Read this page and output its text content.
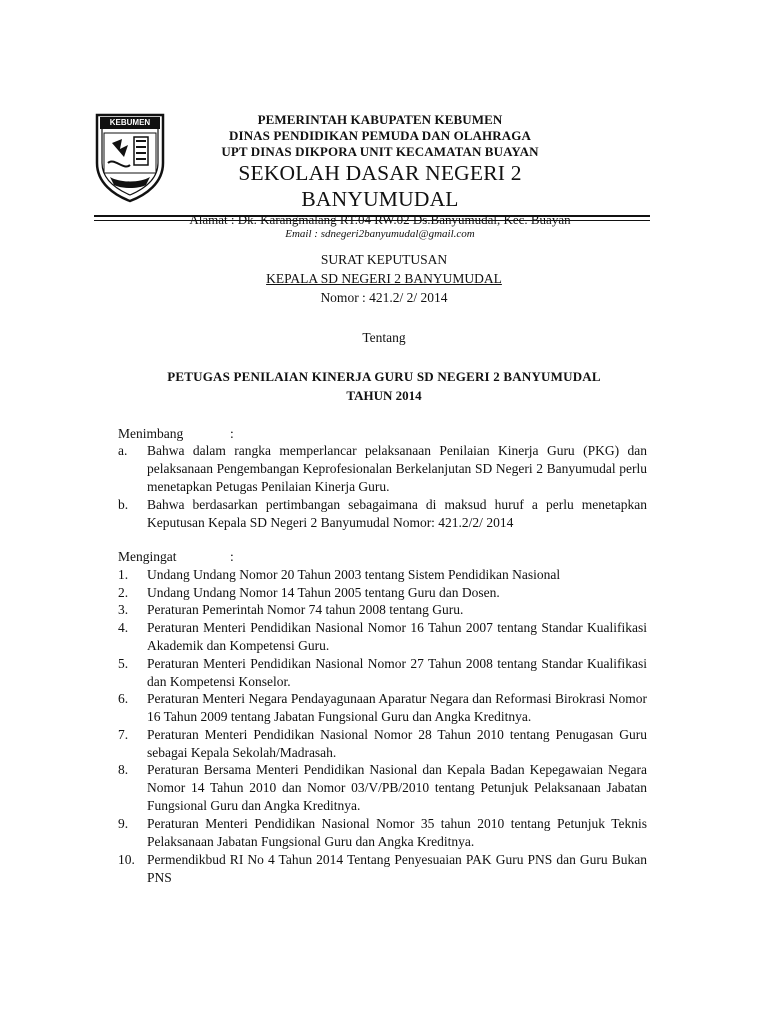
KEBUMEN	PEMERINTAH KABUPATEN KEBUMEN
DINAS PENDIDIKAN PEMUDA DAN OLAHRAGA
UPT DINAS DIKPORA UNIT KECAMATAN BUAYAN
SEKOLAH DASAR NEGERI 2 BANYUMUDAL
Alamat : Dk. Karangmalang RT.04 RW.02 Ds.Banyumudal, Kec. Buayan
Email : sdnegeri2banyumudal@gmail.com
SURAT KEPUTUSAN
KEPALA SD NEGERI 2 BANYUMUDAL
Nomor : 421.2/ 2/ 2014
Tentang
PETUGAS PENILAIAN KINERJA GURU SD NEGERI 2 BANYUMUDAL
TAHUN 2014
Menimbang	:
a. Bahwa dalam rangka memperlancar pelaksanaan Penilaian Kinerja Guru (PKG) dan pelaksanaan Pengembangan Keprofesionalan Berkelanjutan SD Negeri 2 Banyumudal perlu menetapkan Petugas Penilaian Kinerja Guru.
b. Bahwa berdasarkan pertimbangan sebagaimana di maksud huruf a perlu menetapkan Keputusan Kepala SD Negeri 2 Banyumudal Nomor: 421.2/2/ 2014
Mengingat	:
1. Undang Undang Nomor 20 Tahun 2003 tentang Sistem Pendidikan Nasional
2. Undang Undang Nomor 14 Tahun 2005 tentang Guru dan Dosen.
3. Peraturan Pemerintah Nomor 74 tahun 2008 tentang Guru.
4. Peraturan Menteri Pendidikan Nasional Nomor 16 Tahun 2007 tentang Standar Kualifikasi Akademik dan Kompetensi Guru.
5. Peraturan Menteri Pendidikan Nasional Nomor 27 Tahun 2008 tentang Standar Kualifikasi dan Kompetensi Konselor.
6. Peraturan Menteri Negara Pendayagunaan Aparatur Negara dan Reformasi Birokrasi Nomor 16 Tahun 2009 tentang Jabatan Fungsional Guru dan Angka Kreditnya.
7. Peraturan Menteri Pendidikan Nasional Nomor 28 Tahun 2010 tentang Penugasan Guru sebagai Kepala Sekolah/Madrasah.
8. Peraturan Bersama Menteri Pendidikan Nasional dan Kepala Badan Kepegawaian Negara Nomor 14 Tahun 2010 dan Nomor 03/V/PB/2010 tentang Petunjuk Pelaksanaan Jabatan Fungsional Guru dan Angka Kreditnya.
9. Peraturan Menteri Pendidikan Nasional Nomor 35 tahun 2010 tentang Petunjuk Teknis Pelaksanaan Jabatan Fungsional Guru dan Angka Kreditnya.
10. Permendikbud RI No 4 Tahun 2014 Tentang Penyesuaian PAK Guru PNS dan Guru Bukan PNS
